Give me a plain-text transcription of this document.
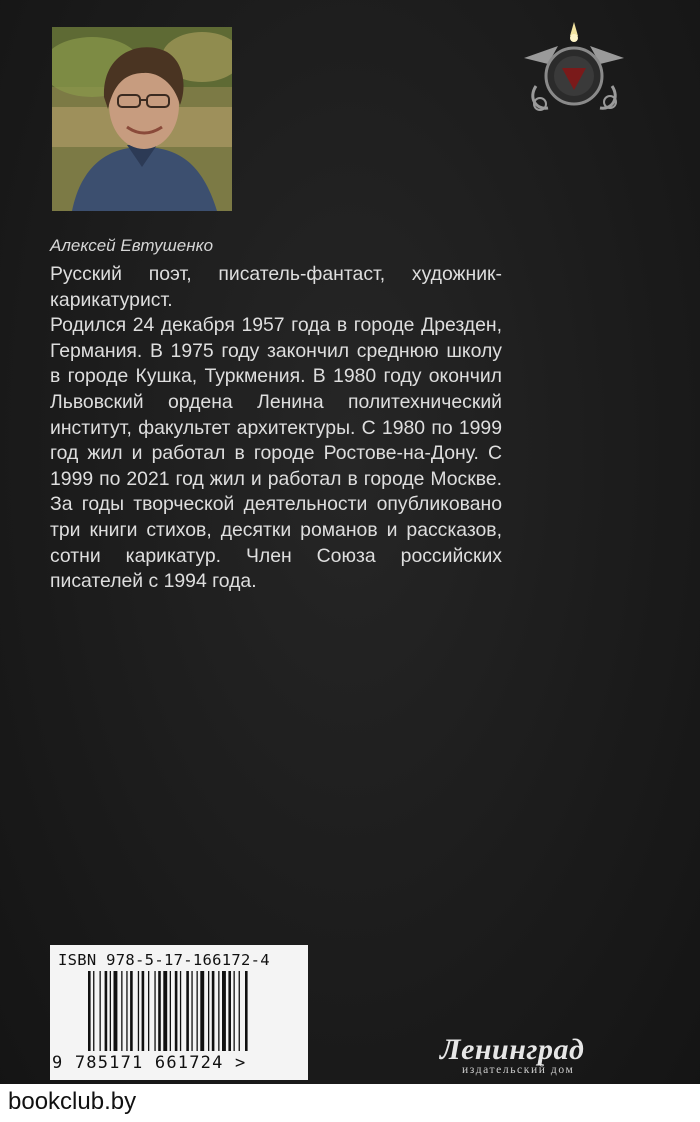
Алексей Евтушенко

Русский поэт, писатель-фантаст, художник-карикатурист.

Родился 24 декабря 1957 года в городе Дрезден, Германия. В 1975 году закончил среднюю школу в городе Кушка, Туркмения. В 1980 году окончил Львовский ордена Ленина политехнический институт, факультет архитектуры. С 1980 по 1999 год жил и работал в городе Ростове-на-Дону. С 1999 по 2021 год жил и работал в городе Москве. За годы творческой деятельности опубликовано три книги стихов, десятки романов и рассказов, сотни карикатур. Член Союза российских писателей с 1994 года.

ISBN 978-5-17-166172-4
9 785171 661724 >	Ленинград
издательский дом
bookclub.by
